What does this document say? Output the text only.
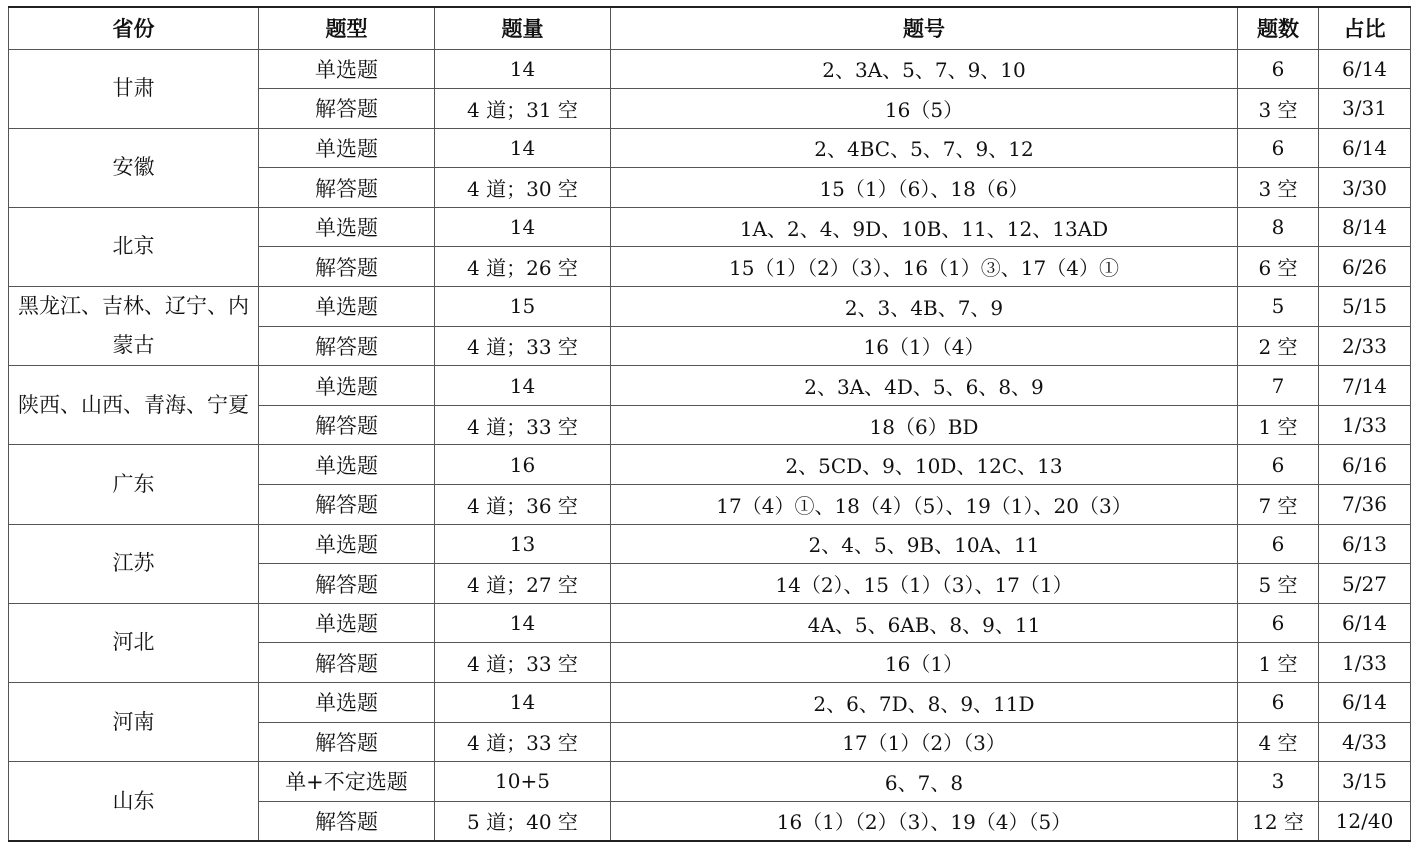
省份	题型	题量	题号	题数	占比
甘肃	单选题	14	2、3A、5、7、9、10	6	6/14
	解答题	4 道；31 空	16（5）	3 空	3/31
安徽	单选题	14	2、4BC、5、7、9、12	6	6/14
	解答题	4 道；30 空	15（1）（6）、18（6）	3 空	3/30
北京	单选题	14	1A、2、4、9D、10B、11、12、13AD	8	8/14
	解答题	4 道；26 空	15（1）（2）（3）、16（1）③、17（4）①	6 空	6/26
黑龙江、吉林、辽宁、内蒙古	单选题	15	2、3、4B、7、9	5	5/15
	解答题	4 道；33 空	16（1）（4）	2 空	2/33
陕西、山西、青海、宁夏	单选题	14	2、3A、4D、5、6、8、9	7	7/14
	解答题	4 道；33 空	18（6）BD	1 空	1/33
广东	单选题	16	2、5CD、9、10D、12C、13	6	6/16
	解答题	4 道；36 空	17（4）①、18（4）（5）、19（1）、20（3）	7 空	7/36
江苏	单选题	13	2、4、5、9B、10A、11	6	6/13
	解答题	4 道；27 空	14（2）、15（1）（3）、17（1）	5 空	5/27
河北	单选题	14	4A、5、6AB、8、9、11	6	6/14
	解答题	4 道；33 空	16（1）	1 空	1/33
河南	单选题	14	2、6、7D、8、9、11D	6	6/14
	解答题	4 道；33 空	17（1）（2）（3）	4 空	4/33
山东	单+不定选题	10+5	6、7、8	3	3/15
	解答题	5 道；40 空	16（1）（2）（3）、19（4）（5）	12 空	12/40
